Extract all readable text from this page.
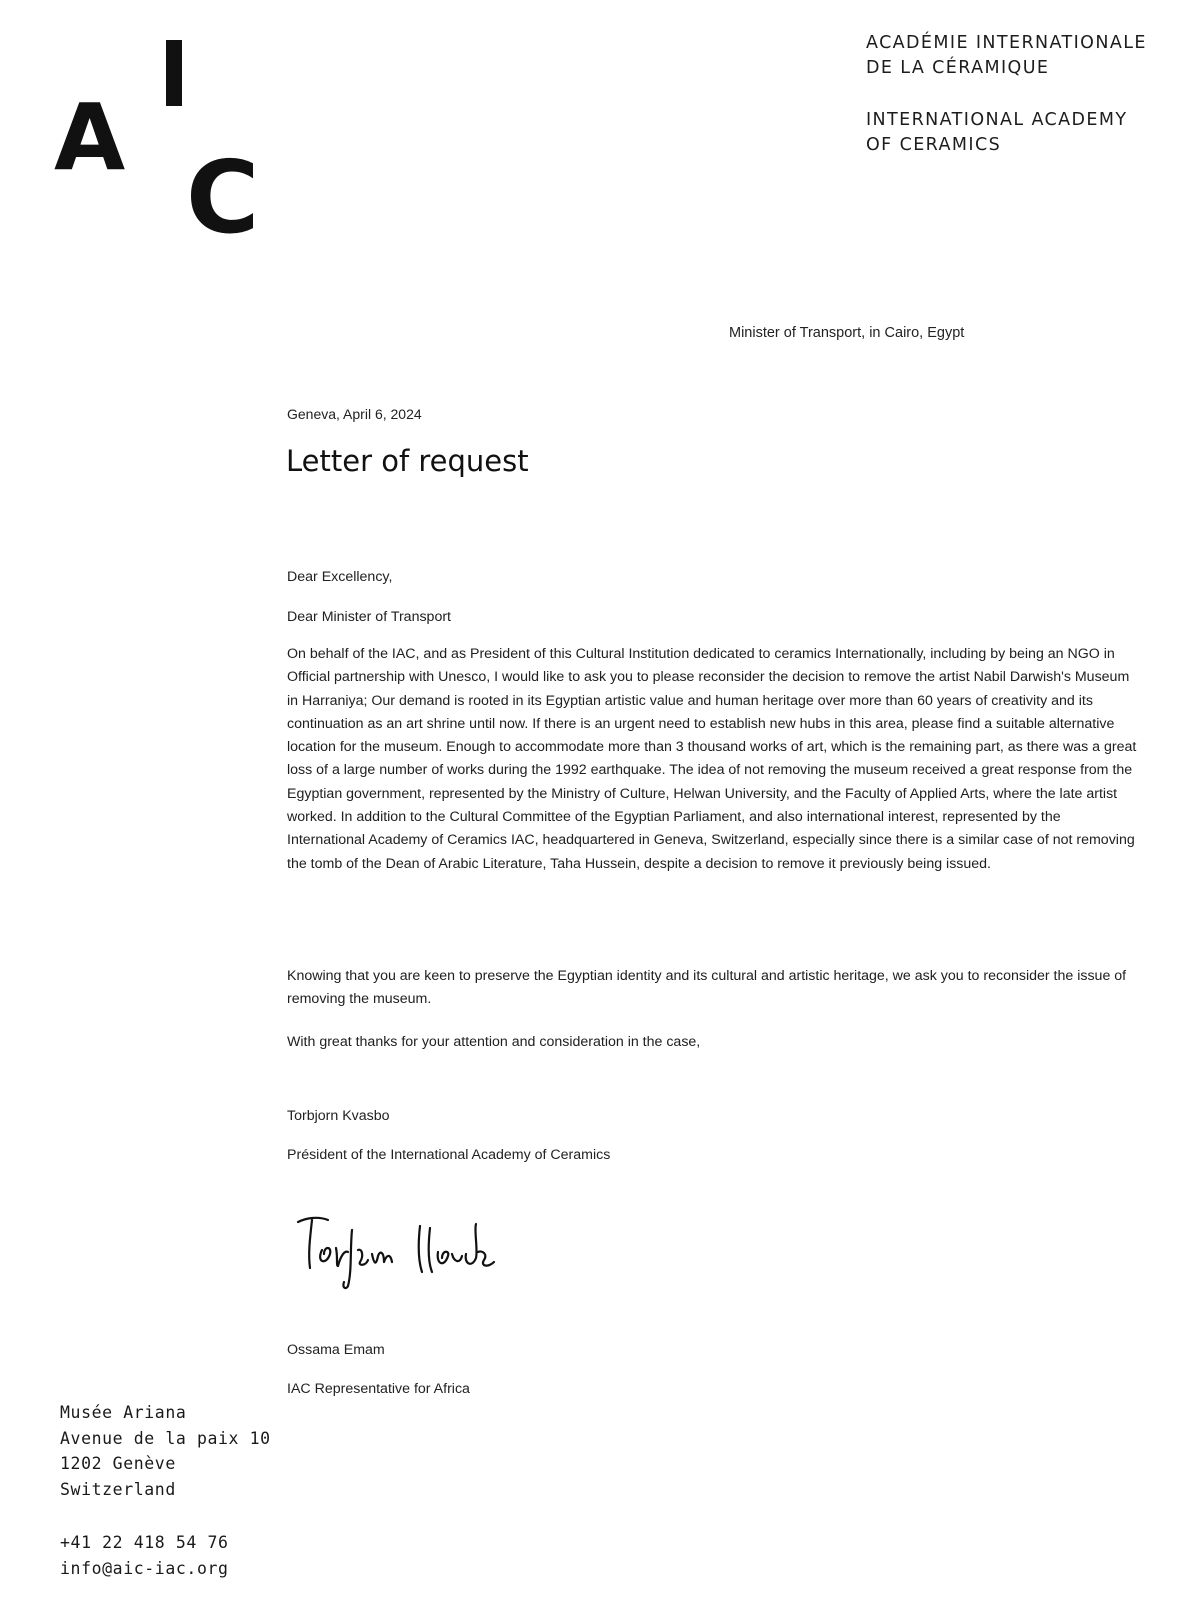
A
C
ACADÉMIE INTERNATIONALE
DE LA CÉRAMIQUE
INTERNATIONAL ACADEMY
OF CERAMICS
Minister of Transport, in Cairo, Egypt
Geneva, April 6, 2024
Letter of request
Dear Excellency,
Dear Minister of Transport
On behalf of the IAC, and as President of this Cultural Institution dedicated to ceramics Internationally, including by being an NGO in Official partnership with Unesco, I would like to ask you to please reconsider the decision to remove the artist Nabil Darwish's Museum in Harraniya; Our demand is rooted in its Egyptian artistic value and human heritage over more than 60 years of creativity and its continuation as an art shrine until now. If there is an urgent need to establish new hubs in this area, please find a suitable alternative location for the museum. Enough to accommodate more than 3 thousand works of art, which is the remaining part, as there was a great loss of a large number of works during the 1992 earthquake. The idea of not removing the museum received a great response from the Egyptian government, represented by the Ministry of Culture, Helwan University, and the Faculty of Applied Arts, where the late artist worked. In addition to the Cultural Committee of the Egyptian Parliament, and also international interest, represented by the International Academy of Ceramics IAC, headquartered in Geneva, Switzerland, especially since there is a similar case of not removing the tomb of the Dean of Arabic Literature, Taha Hussein, despite a decision to remove it previously being issued.
Knowing that you are keen to preserve the Egyptian identity and its cultural and artistic heritage, we ask you to reconsider the issue of removing the museum.
With great thanks for your attention and consideration in the case,
Torbjorn Kvasbo
Président of the International Academy of Ceramics
Ossama Emam
IAC Representative for Africa
Musée Ariana
Avenue de la paix 10
1202 Genève
Switzerland
+41 22 418 54 76
info@aic-iac.org
